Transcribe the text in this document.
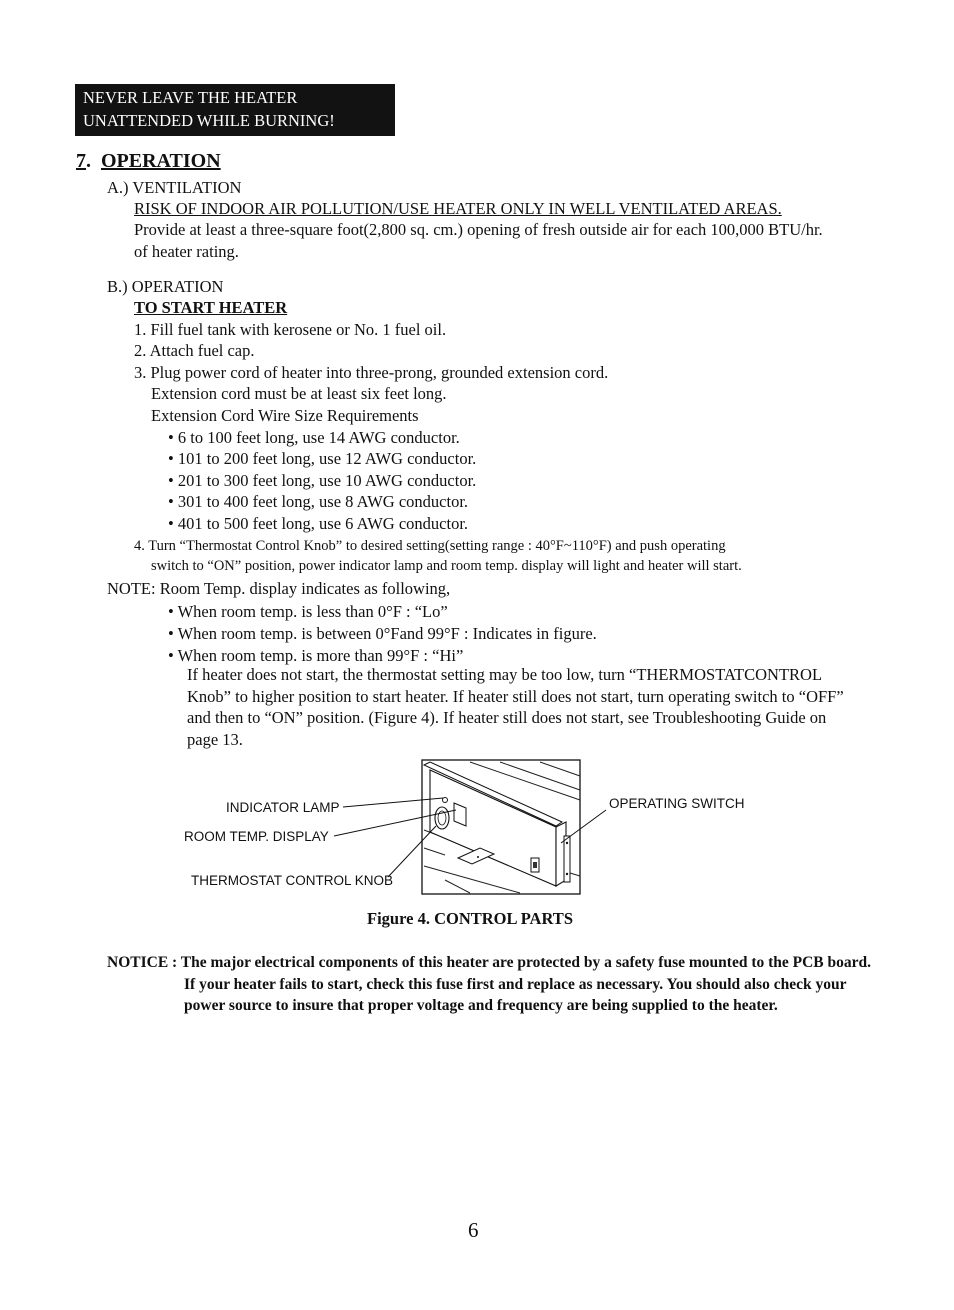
NEVER LEAVE THE HEATER
UNATTENDED WHILE BURNING!
7.  OPERATION
A.) VENTILATION
RISK OF INDOOR AIR POLLUTION/USE HEATER ONLY IN WELL VENTILATED AREAS.
Provide at least a three-square foot(2,800 sq. cm.) opening of fresh outside air for each 100,000 BTU/hr.
of heater rating.
B.) OPERATION
TO START HEATER
1. Fill fuel tank with kerosene or No. 1 fuel oil.
2. Attach fuel cap.
3. Plug power cord of heater into three-prong, grounded extension cord.
Extension cord must be at least six feet long.
Extension Cord Wire Size Requirements
• 6 to 100 feet long, use 14 AWG conductor.
• 101 to 200 feet long, use 12 AWG conductor.
• 201 to 300 feet long, use 10 AWG conductor.
• 301 to 400 feet long, use 8 AWG conductor.
• 401 to 500 feet long, use 6 AWG conductor.
4. Turn “Thermostat Control Knob” to desired setting(setting range : 40°F~110°F) and push operating
switch to “ON” position, power indicator lamp and room temp. display will light and heater will start.
NOTE: Room Temp. display indicates as following,
• When room temp. is less than 0°F : “Lo”
• When room temp. is between 0°Fand 99°F : Indicates in figure.
• When room temp. is more than 99°F : “Hi”
If heater does not start, the thermostat setting may be too low, turn “THERMOSTATCONTROL
Knob” to higher position to start heater. If heater still does not start, turn operating switch to “OFF”
and then to “ON” position. (Figure 4). If heater still does not start, see Troubleshooting Guide on
page 13.
INDICATOR LAMP
ROOM TEMP. DISPLAY
THERMOSTAT CONTROL KNOB
OPERATING SWITCH
Figure 4. CONTROL PARTS
NOTICE : The major electrical components of this heater are protected by a safety fuse mounted to the PCB board.
If your heater fails to start, check this fuse first and replace as necessary. You should also check your
power source to insure that proper voltage and frequency are being supplied to the heater.
6
